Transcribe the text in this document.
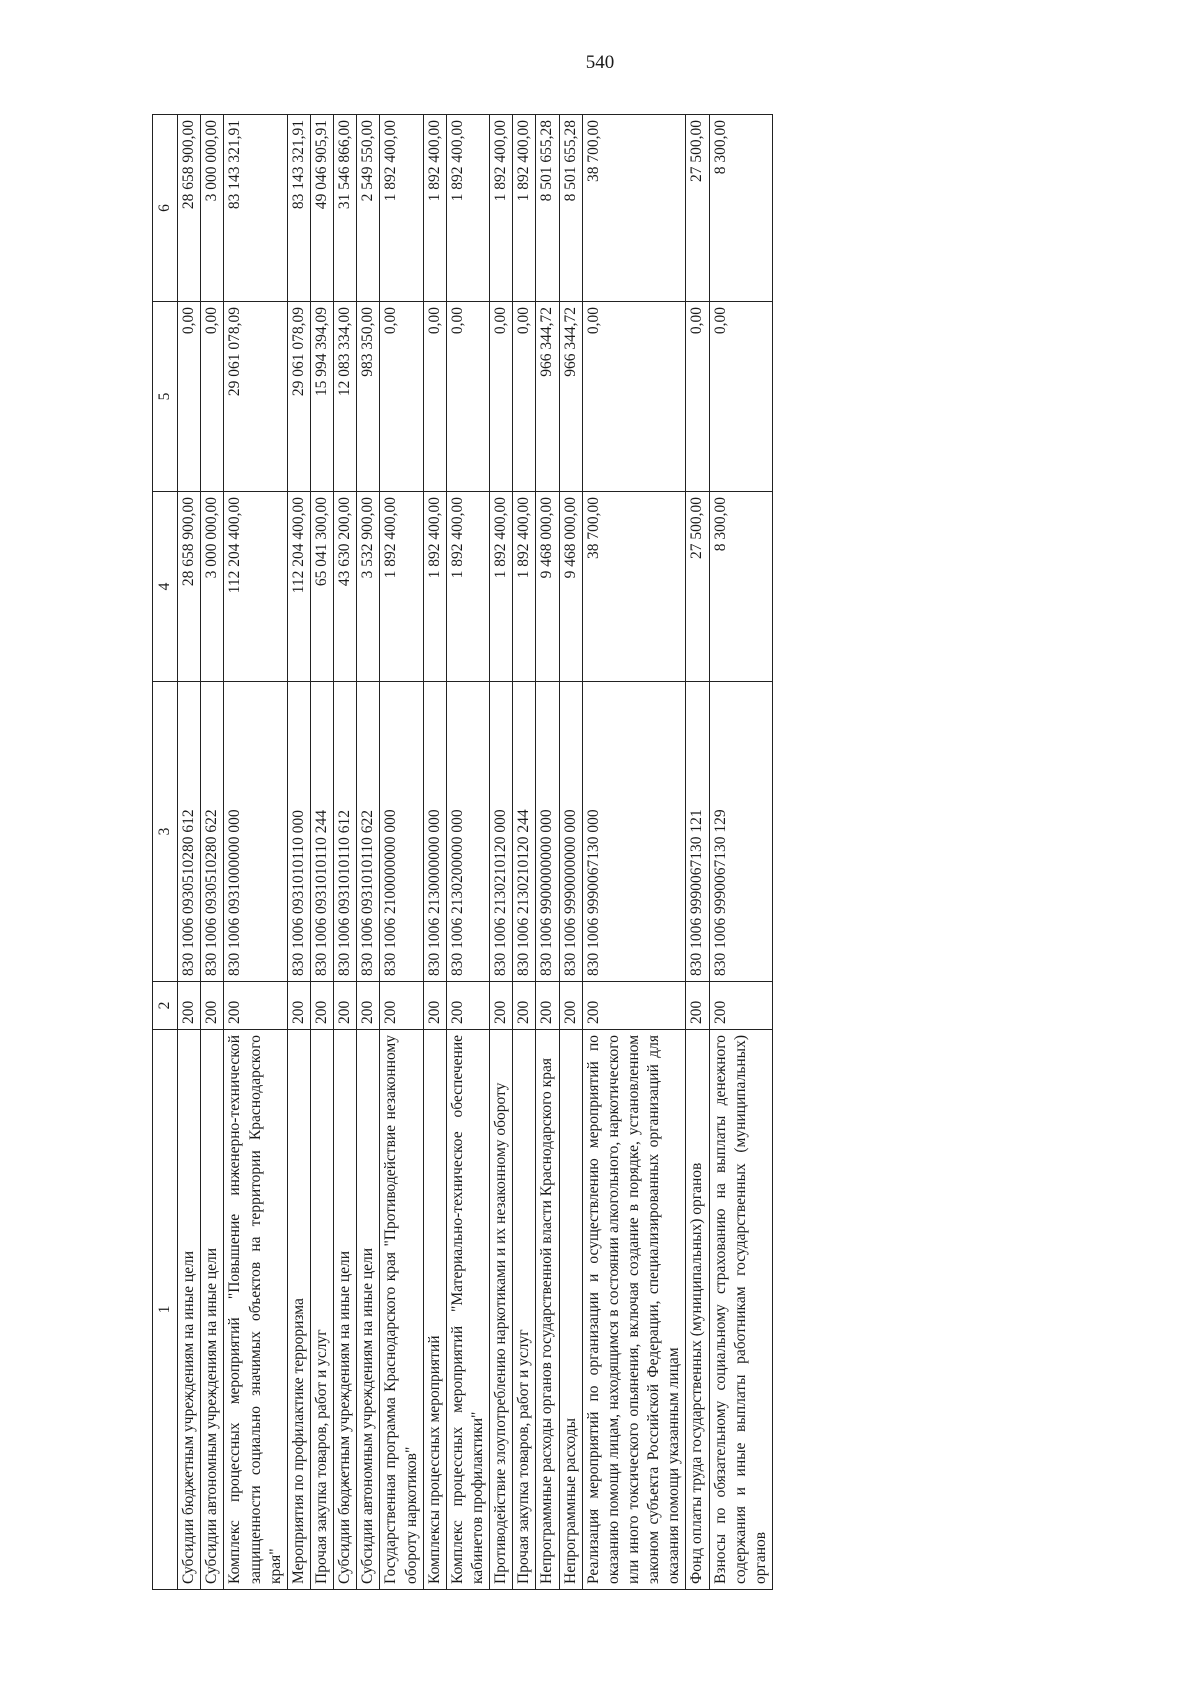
540
1	2	3	4	5	6
Субсидии бюджетным учреждениям на иные цели	200	830 1006 0930510280 612	28 658 900,00	0,00	28 658 900,00
Субсидии автономным учреждениям на иные цели	200	830 1006 0930510280 622	3 000 000,00	0,00	3 000 000,00
Комплекс процессных мероприятий "Повышение инженерно-технической защищенности социально значимых объектов на территории Краснодарского края"	200	830 1006 0931000000 000	112 204 400,00	29 061 078,09	83 143 321,91
Мероприятия по профилактике терроризма	200	830 1006 0931010110 000	112 204 400,00	29 061 078,09	83 143 321,91
Прочая закупка товаров, работ и услуг	200	830 1006 0931010110 244	65 041 300,00	15 994 394,09	49 046 905,91
Субсидии бюджетным учреждениям на иные цели	200	830 1006 0931010110 612	43 630 200,00	12 083 334,00	31 546 866,00
Субсидии автономным учреждениям на иные цели	200	830 1006 0931010110 622	3 532 900,00	983 350,00	2 549 550,00
Государственная программа Краснодарского края "Противодействие незаконному обороту наркотиков"	200	830 1006 2100000000 000	1 892 400,00	0,00	1 892 400,00
Комплексы процессных мероприятий	200	830 1006 2130000000 000	1 892 400,00	0,00	1 892 400,00
Комплекс процессных мероприятий "Материально-техническое обеспечение кабинетов профилактики"	200	830 1006 2130200000 000	1 892 400,00	0,00	1 892 400,00
Противодействие злоупотреблению наркотиками и их незаконному обороту	200	830 1006 2130210120 000	1 892 400,00	0,00	1 892 400,00
Прочая закупка товаров, работ и услуг	200	830 1006 2130210120 244	1 892 400,00	0,00	1 892 400,00
Непрограммные расходы органов государственной власти Краснодарского края	200	830 1006 9900000000 000	9 468 000,00	966 344,72	8 501 655,28
Непрограммные расходы	200	830 1006 9990000000 000	9 468 000,00	966 344,72	8 501 655,28
Реализация мероприятий по организации и осуществлению мероприятий по оказанию помощи лицам, находящимся в состоянии алкогольного, наркотического или иного токсического опьянения, включая создание в порядке, установленном законом субъекта Российской Федерации, специализированных организаций для оказания помощи указанным лицам	200	830 1006 9990067130 000	38 700,00	0,00	38 700,00
Фонд оплаты труда государственных (муниципальных) органов	200	830 1006 9990067130 121	27 500,00	0,00	27 500,00
Взносы по обязательному социальному страхованию на выплаты денежного содержания и иные выплаты работникам государственных (муниципальных) органов	200	830 1006 9990067130 129	8 300,00	0,00	8 300,00
